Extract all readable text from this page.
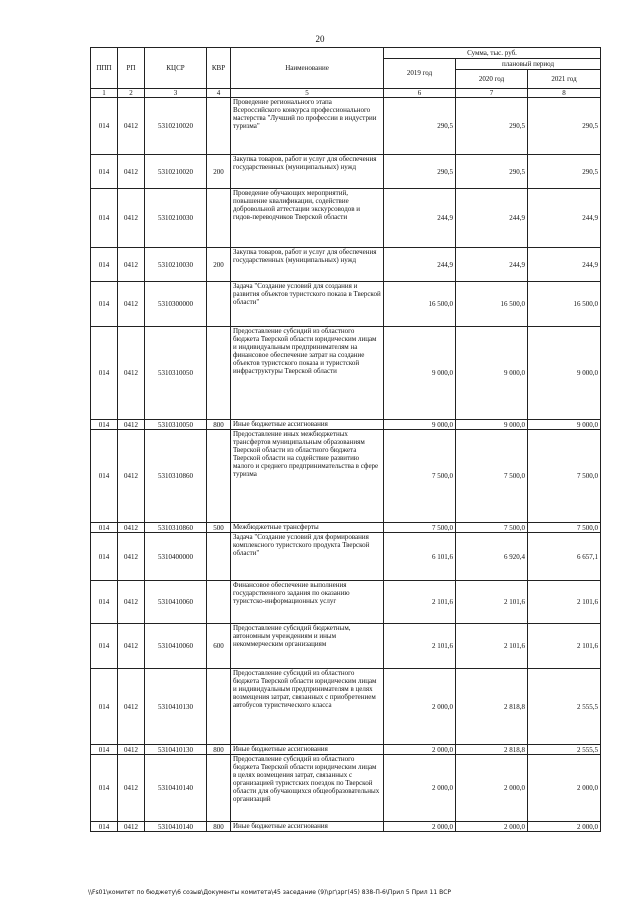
20
ППП	РП	КЦСР	КВР	Наименование	Сумма, тыс. руб.		
					2019 год	плановый период	
						2020 год	2021 год
1	2	3	4	5	6	7	8
014	0412	5310210020		Проведение регионального этапа Всероссийского конкурса профессионального мастерства "Лучший по профессии в индустрии туризма"	290,5	290,5	290,5
014	0412	5310210020	200	Закупка товаров, работ и услуг для обеспечения государственных (муниципальных) нужд	290,5	290,5	290,5
014	0412	5310210030		Проведение обучающих мероприятий, повышение квалификации, содействие добровольной аттестации экскурсоводов и гидов-переводчиков Тверской области	244,9	244,9	244,9
014	0412	5310210030	200	Закупка товаров, работ и услуг для обеспечения государственных (муниципальных) нужд	244,9	244,9	244,9
014	0412	5310300000		Задача "Создание условий для создания и развития объектов туристского показа в Тверской области"	16 500,0	16 500,0	16 500,0
014	0412	5310310050		Предоставление субсидий из областного бюджета Тверской области юридическим лицам и индивидуальным предпринимателям на финансовое обеспечение затрат на создание объектов туристского показа и туристской инфраструктуры Тверской области	9 000,0	9 000,0	9 000,0
014	0412	5310310050	800	Иные бюджетные ассигнования	9 000,0	9 000,0	9 000,0
014	0412	5310310860		Предоставление иных межбюджетных трансфертов муниципальным образованиям Тверской области из областного бюджета Тверской области на содействие развитию малого и среднего предпринимательства в сфере туризма	7 500,0	7 500,0	7 500,0
014	0412	5310310860	500	Межбюджетные трансферты	7 500,0	7 500,0	7 500,0
014	0412	5310400000		Задача "Создание условий для формирования комплексного туристского продукта Тверской области"	6 101,6	6 920,4	6 657,1
014	0412	5310410060		Финансовое обеспечение выполнения государственного задания по оказанию туристско-информационных услуг	2 101,6	2 101,6	2 101,6
014	0412	5310410060	600	Предоставление субсидий бюджетным, автономным учреждениям и иным некоммерческим организациям	2 101,6	2 101,6	2 101,6
014	0412	5310410130		Предоставление субсидий из областного бюджета Тверской области юридическим лицам и индивидуальным предпринимателям в целях возмещения затрат, связанных с приобретением автобусов туристического класса	2 000,0	2 818,8	2 555,5
014	0412	5310410130	800	Иные бюджетные ассигнования	2 000,0	2 818,8	2 555,5
014	0412	5310410140		Предоставление субсидий из областного бюджета Тверской области юридическим лицам в целях возмещения затрат, связанных с организацией туристских поездок по Тверской области для обучающихся общеобразовательных организаций	2 000,0	2 000,0	2 000,0
014	0412	5310410140	800	Иные бюджетные ассигнования	2 000,0	2 000,0	2 000,0
\\Fs01\комитет по бюджету\6 созыв\Документы комитета\45 заседание (9)\рг\зрг(45) 838-П-6\Прил 5 Прил 11 ВСР
